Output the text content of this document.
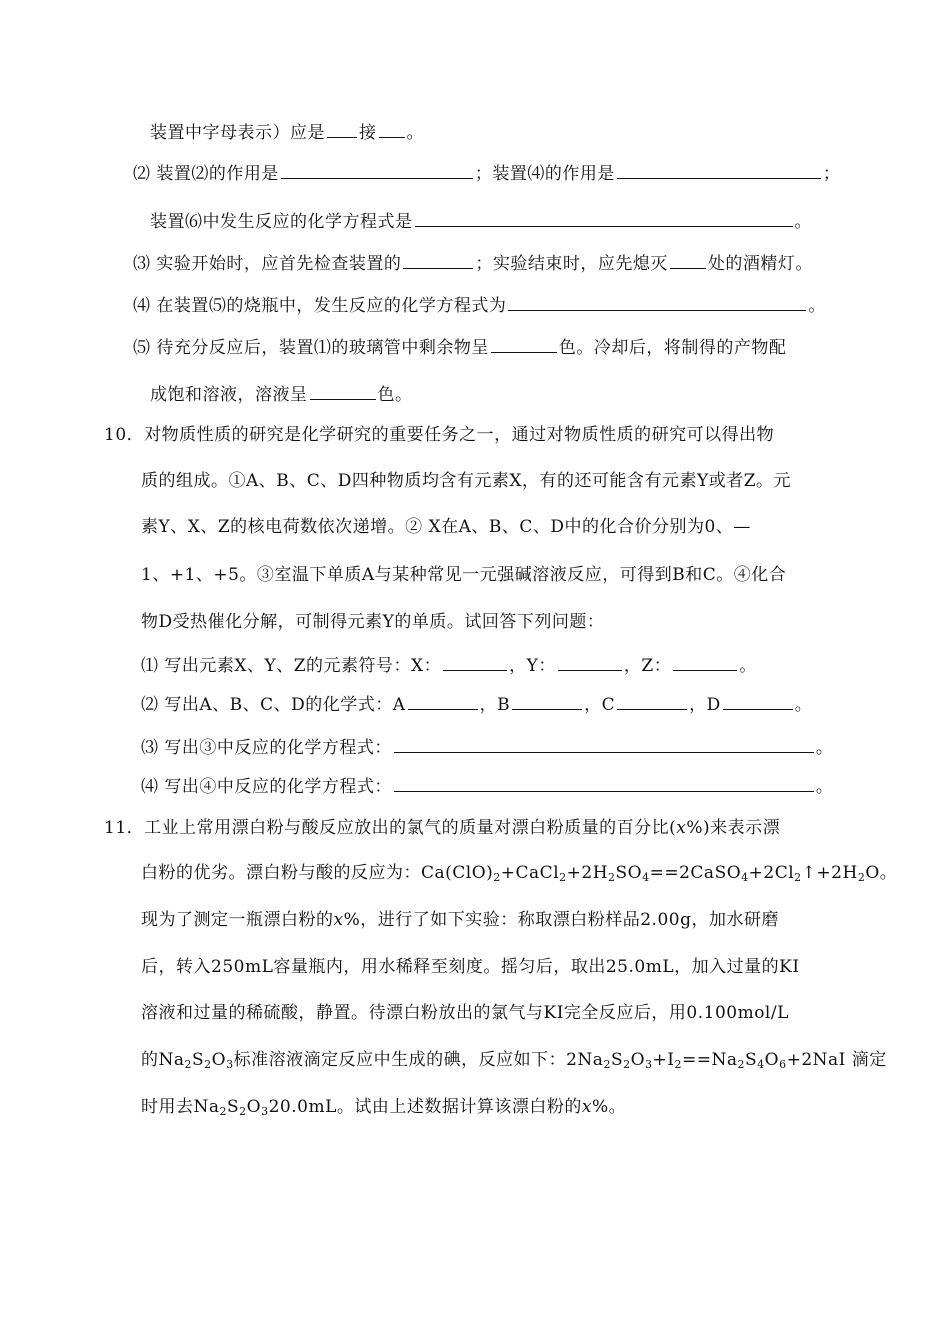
装置中字母表示）应是 接 。
⑵ 装置⑵的作用是	；装置⑷的作用是	；
装置⑹中发生反应的化学方程式是	。
⑶ 实验开始时，应首先检查装置的	；实验结束时，应先熄灭 处的酒精灯。
⑷ 在装置⑸的烧瓶中，发生反应的化学方程式为	。
⑸ 待充分反应后，装置⑴的玻璃管中剩余物呈	色。冷却后，将制得的产物配
成饱和溶液，溶液呈	色。
10．对物质性质的研究是化学研究的重要任务之一，通过对物质性质的研究可以得出物
质的组成。①A、B、C、D四种物质均含有元素X，有的还可能含有元素Y或者Z。元
素Y、X、Z的核电荷数依次递增。② X在A、B、C、D中的化合价分别为0、—
1、+1、+5。③室温下单质A与某种常见一元强碱溶液反应，可得到B和C。④化合
物D受热催化分解，可制得元素Y的单质。试回答下列问题：
⑴ 写出元素X、Y、Z的元素符号：X：	，Y：	，Z：	。
⑵ 写出A、B、C、D的化学式：A	，B	，C	，D	。
⑶ 写出③中反应的化学方程式：	。
⑷ 写出④中反应的化学方程式：	。
11．工业上常用漂白粉与酸反应放出的氯气的质量对漂白粉质量的百分比(x%)来表示漂
白粉的优劣。漂白粉与酸的反应为：$Ca(ClO)_2+CaCl_2+2H_2SO_4==2CaSO_4+2Cl_2↑+2H_2O$。
现为了测定一瓶漂白粉的x%，进行了如下实验：称取漂白粉样品2.00g，加水研磨
后，转入250mL容量瓶内，用水稀释至刻度。摇匀后，取出25.0mL，加入过量的KI
溶液和过量的稀硫酸，静置。待漂白粉放出的氯气与KI完全反应后，用0.100mol/L
的$Na_2S_2O_3$标准溶液滴定反应中生成的碘，反应如下：$2Na_2S_2O_3+I_2==Na_2S_4O_6+2NaI$ 滴定
时用去$Na_2S_2O_320.0mL$。试由上述数据计算该漂白粉的x%。
